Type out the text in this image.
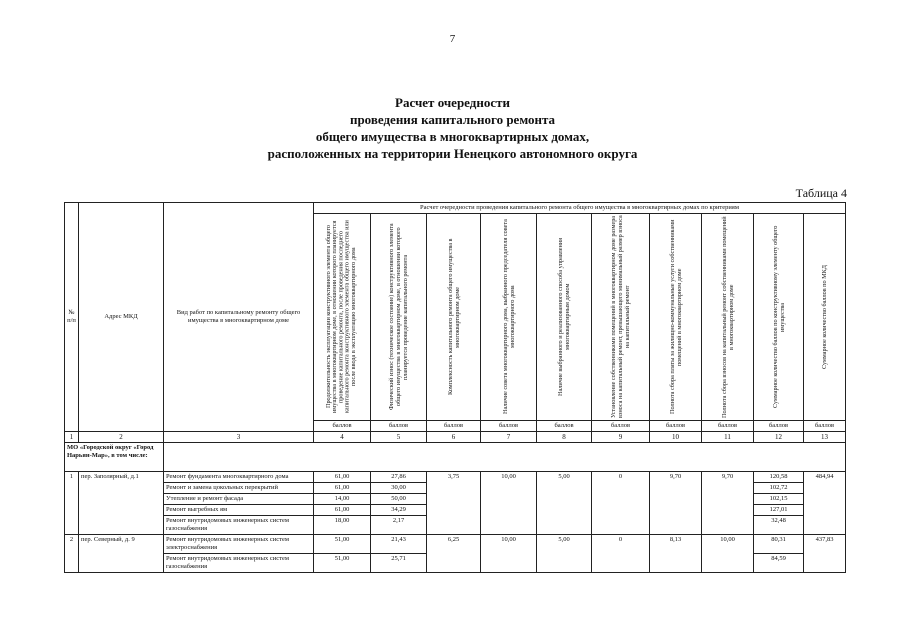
7
Расчет очередности
проведения капитального ремонта
общего имущества в многоквартирных домах,
расположенных на территории Ненецкого автономного округа
Таблица 4
№ п/п	Адрес МКД	Вид работ по капитальному ремонту общего имущества в многоквартирном доме	Расчет очередности проведения капитального ремонта общего имущества в многоквартирных домах по критериям									

			Продолжительность эксплуатации конструктивного элемента общего имущества в многоквартирном доме, в отношении которого планируется проведение капитального ремонта, после проведения последнего капитального ремонта конструктивного элемента общего имущества или после ввода в эксплуатацию многоквартирного дома	Физический износ (техническое состояние) конструктивного элемента общего имущества в многоквартирном доме, в отношении которого планируется проведение капитального ремонта	Комплексность капитального ремонта общего имущества в многоквартирном доме	Наличие совета многоквартирного дома, выбранного председателя совета многоквартирного дома	Наличие выбранного и реализованного способа управления многоквартирным домом	Установление собственниками помещений в многоквартирном доме размера взноса на капитальный ремонт, превышающего минимальный размер взноса на капитальный ремонт	Полнота сбора платы за жилищно-коммунальные услуги собственниками помещений в многоквартирном доме	Полнота сбора взносов на капитальный ремонт собственниками помещений в многоквартирном доме	Суммарное количество баллов по конструктивному элементу общего имущества	Суммарное количество баллов по МКД

			баллов	баллов	баллов	баллов	баллов	баллов	баллов	баллов	баллов	баллов
1	2	3	4	5	6	7	8	9	10	11	12	13
МО «Городской округ «Город Нарьян-Мар», в том числе:												
1	пер. Заполярный, д.1	Ремонт фундамента многоквартирного дома	61,00	27,86	3,75	10,00	5,00	0	9,70	9,70	120,58	484,94
		Ремонт и замена цокольных перекрытий	61,00	30,00							102,72	
		Утепление и ремонт фасада	14,00	50,00							102,15	
		Ремонт выгребных ям	61,00	34,29							127,01	
		Ремонт внутридомовых инженерных систем газоснабжения	18,00	2,17							32,48	
2	пер. Северный, д. 9	Ремонт внутридомовых инженерных систем электроснабжения	51,00	21,43	6,25	10,00	5,00	0	8,13	10,00	80,31	437,83
		Ремонт внутридомовых инженерных систем газоснабжения	51,00	25,71							84,59	
